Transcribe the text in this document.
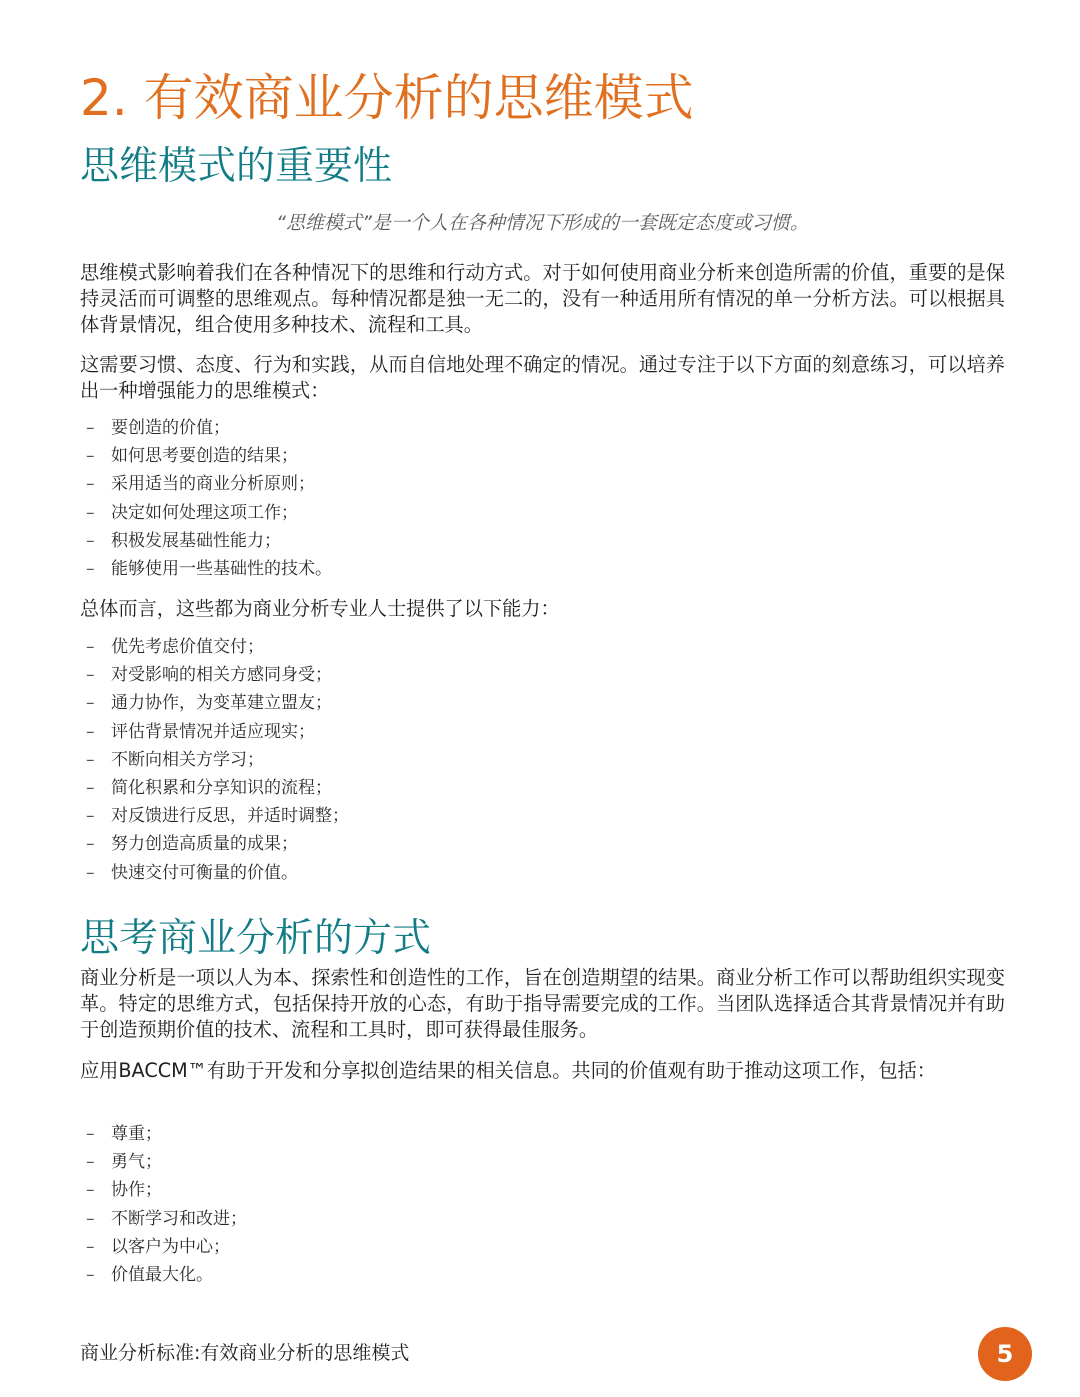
2. 有效商业分析的思维模式
思维模式的重要性
“思维模式”是一个人在各种情况下形成的一套既定态度或习惯。

思维模式影响着我们在各种情况下的思维和行动方式。对于如何使用商业分析来创造所需的价值，重要的是保持灵活而可调整的思维观点。每种情况都是独一无二的，没有一种适用所有情况的单一分析方法。可以根据具体背景情况，组合使用多种技术、流程和工具。

这需要习惯、态度、行为和实践，从而自信地处理不确定的情况。通过专注于以下方面的刻意练习，可以培养出一种增强能力的思维模式：

– 要创造的价值；
– 如何思考要创造的结果；
– 采用适当的商业分析原则；
– 决定如何处理这项工作；
– 积极发展基础性能力；
– 能够使用一些基础性的技术。

总体而言，这些都为商业分析专业人士提供了以下能力：

– 优先考虑价值交付；
– 对受影响的相关方感同身受；
– 通力协作，为变革建立盟友；
– 评估背景情况并适应现实；
– 不断向相关方学习；
– 简化积累和分享知识的流程；
– 对反馈进行反思，并适时调整；
– 努力创造高质量的成果；
– 快速交付可衡量的价值。
思考商业分析的方式

商业分析是一项以人为本、探索性和创造性的工作，旨在创造期望的结果。商业分析工作可以帮助组织实现变革。特定的思维方式，包括保持开放的心态，有助于指导需要完成的工作。当团队选择适合其背景情况并有助于创造预期价值的技术、流程和工具时，即可获得最佳服务。

应用BACCM™有助于开发和分享拟创造结果的相关信息。共同的价值观有助于推动这项工作，包括：

– 尊重；
– 勇气；
– 协作；
– 不断学习和改进；
– 以客户为中心；
– 价值最大化。
商业分析标准:有效商业分析的思维模式	5
